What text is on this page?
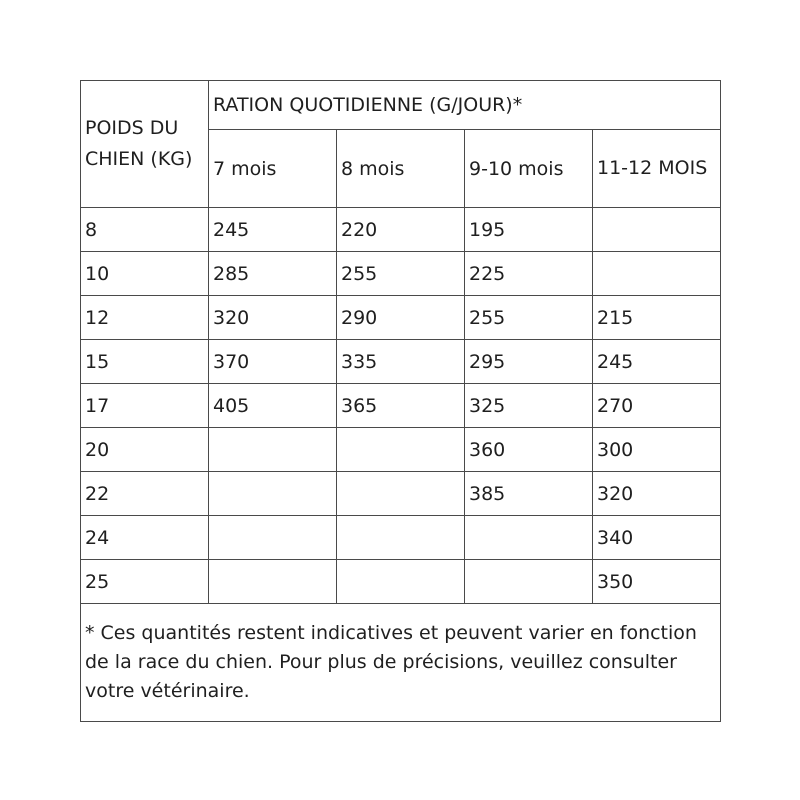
POIDS DU CHIEN (KG)	RATION QUOTIDIENNE (G/JOUR)*			
	7 mois	8 mois	9-10 mois	11-12 MOIS
8	245	220	195	
10	285	255	225	
12	320	290	255	215
15	370	335	295	245
17	405	365	325	270
20			360	300
22			385	320
24				340
25				350
* Ces quantités restent indicatives et peuvent varier en fonction de la race du chien. Pour plus de précisions, veuillez consulter votre vétérinaire.				
